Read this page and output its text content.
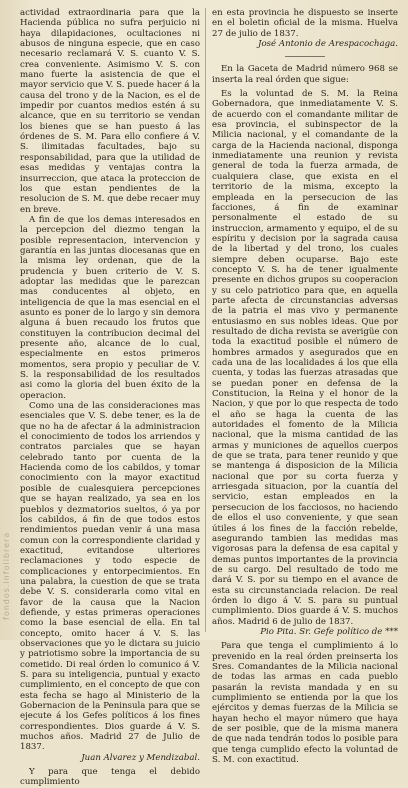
fondos.infolibrera

actividad extraordinaria para que la Hacienda pública no sufra perjuicio ni haya dilapidaciones, ocultaciones ni abusos de ninguna especie, que en caso necesario reclamará V. S. cuanto V. S. crea conveniente. Asimismo V. S. con mano fuerte la asistencia de que el mayor servicio que V. S. puede hacer á la causa del trono y de la Nacion, es el de impedir por cuantos medios estén á su alcance, que en su territorio se vendan los bienes que se han puesto á las órdenes de S. M. Para ello confiere á V. S. ilimitadas facultades, bajo su responsabilidad, para que la utilidad de esas medidas y ventajas contra la insurreccion, que ataca la proteccion de los que estan pendientes de la resolucion de S. M. que debe recaer muy en breve.

A fin de que los demas interesados en la percepcion del diezmo tengan la posible representacion, intervencion y garantía en las juntas diocesanas que en la misma ley ordenan, que de la prudencia y buen criterio de V. S. adoptar las medidas que le parezcan mas conducentes al objeto, en inteligencia de que la mas esencial en el asunto es poner de lo largo y sin demora alguna á buen recaudo los frutos que constituyen la contribucion decimal del presente año, alcance de lo cual, especialmente en estos primeros momentos, sera propio y peculiar de V. S. la responsabilidad de los resultados asi como la gloria del buen éxito de la operacion.

Como una de las consideraciones mas esenciales que V. S. debe tener, es la de que no ha de afectar á la administracion el conocimiento de todos los arriendos y contratos parciales que se hayan celebrado tanto por cuenta de la Hacienda como de los cabildos, y tomar conocimiento con la mayor exactitud posible de cualesquiera percepciones que se hayan realizado, ya sea en los pueblos y dezmatorios sueltos, ó ya por los cabildos, á fin de que todos estos rendimientos puedan venir á una masa comun con la correspondiente claridad y exactitud, evitandose ulteriores reclamaciones y todo especie de complicaciones y entorpecimientos. En una palabra, la cuestion de que se trata debe V. S. considerarla como vital en favor de la causa que la Nacion defiende, y estas primeras operaciones como la base esencial de ella. En tal concepto, omito hacer á V. S. las observaciones que yo le dictara su juicio y patriotismo sobre la importancia de su cometido. Di real órden lo comunico á V. S. para su inteligencia, puntual y exacto cumplimiento, en el concepto de que con esta fecha se hago al Ministerio de la Gobernacion de la Peninsula para que se ejecute á los Gefes políticos á los fines correspondientes. Dios guarde á V. S. muchos años. Madrid 27 de Julio de 1837.

Juan Alvarez y Mendizabal.

Y para que tenga el debido cumplimiento

en esta provincia he dispuesto se inserte en el boletin oficial de la misma. Huelva 27 de julio de 1837.

José Antonio de Arespacochaga.

En la Gaceta de Madrid número 968 se inserta la real órden que sigue:

Es la voluntad de S. M. la Reina Gobernadora, que inmediatamente V. S. de acuerdo con el comandante militar de esa provincia, el subinspector de la Milicia nacional, y el comandante de la carga de la Hacienda nacional, disponga inmediatamente una reunion y revista general de toda la fuerza armada, de cualquiera clase, que exista en el territorio de la misma, excepto la empleada en la persecucion de las facciones, á fin de examinar personalmente el estado de su instruccion, armamento y equipo, el de su espíritu y decision por la sagrada causa de la libertad y del trono, los cuales siempre deben ocuparse. Bajo este concepto V. S. ha de tener igualmente presente en dichos grupos su cooperacion y su celo patriotico para que, en aquella parte afecta de circunstancias adversas de la patria el mas vivo y permanente entusiasmo en sus nobles ideas. Que por resultado de dicha revista se averigüe con toda la exactitud posible el número de hombres armados y asegurados que en cada una de las localidades á los que ella cuenta, y todas las fuerzas atrasadas que se puedan poner en defensa de la Constitucion, la Reina y el honor de la Nacion, y que por lo que respecta de todo el año se haga la cuenta de las autoridades el fomento de la Milicia nacional, que la misma cantidad de las armas y municiones de aquellos cuerpos de que se trata, para tener reunido y que se mantenga á disposicion de la Milicia nacional que por su corta fuerza y arriesgada situacion, por la cuantía del servicio, estan empleados en la persecucion de los facciosos, no haciendo de ellos el uso conveniente, y que sean útiles á los fines de la facción rebelde, asegurando tambien las medidas mas vigorosas para la defensa de esa capital y demas puntos importantes de la provincia de su cargo. Del resultado de todo me dará V. S. por su tiempo en el avance de esta su circunstanciada relacion. De real órden lo digo á V. S. para su puntual cumplimiento. Dios guarde á V. S. muchos años. Madrid 6 de julio de 1837.

Pio Pita. Sr. Gefe político de ***

Para que tenga el cumplimiento á lo prevenido en la real órden preinserta los Sres. Comandantes de la Milicia nacional de todas las armas en cada pueblo pasarán la revista mandada y en su cumplimiento se entienda por la que los ejércitos y demas fuerzas de la Milicia se hayan hecho el mayor número que haya de ser posible, que de la misma manera de que nada tendrán todos lo posible para que tenga cumplido efecto la voluntad de S. M. con exactitud.
